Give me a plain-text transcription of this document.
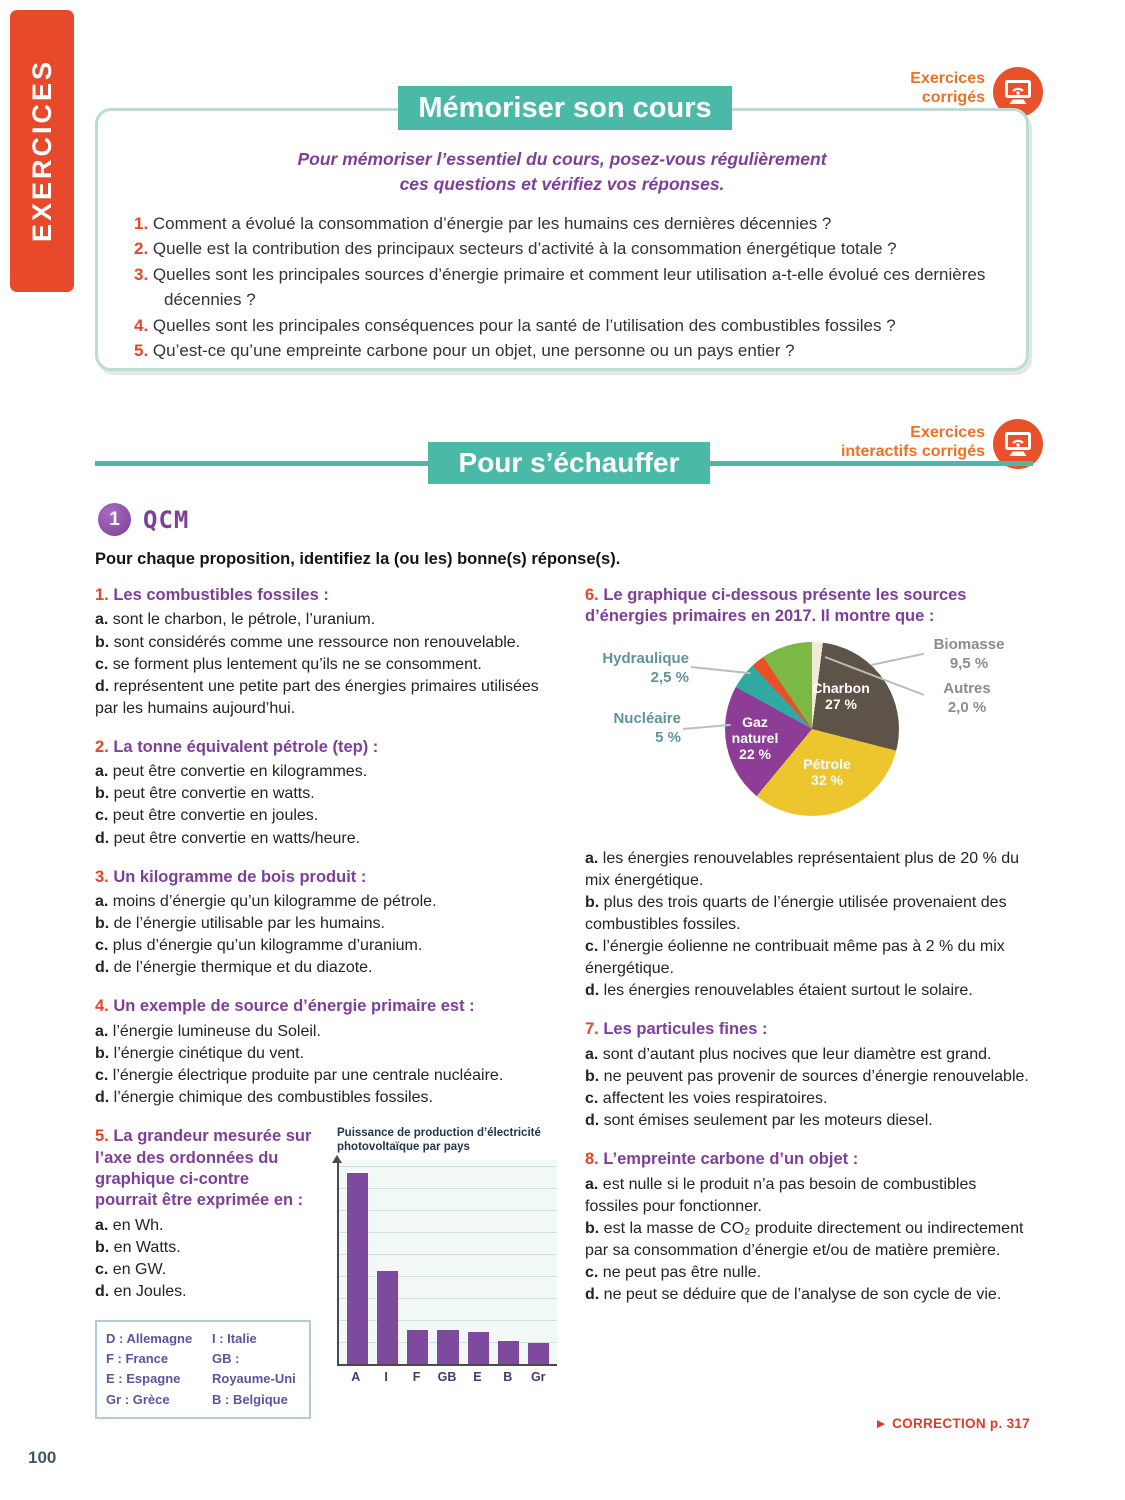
EXERCICES	Exercices
corrigés
Mémoriser son cours
Pour mémoriser l’essentiel du cours, posez-vous régulièrement
ces questions et vérifiez vos réponses.
1. Comment a évolué la consommation d’énergie par les humains ces dernières décennies ?
2. Quelle est la contribution des principaux secteurs d’activité à la consommation énergétique totale ?
3. Quelles sont les principales sources d’énergie primaire et comment leur utilisation a-t-elle évolué ces dernières décennies ?
4. Quelles sont les principales conséquences pour la santé de l’utilisation des combustibles fossiles ?
5. Qu’est-ce qu’une empreinte carbone pour un objet, une personne ou un pays entier ?
Exercices
interactifs corrigés
Pour s’échauffer
1 QCM
Pour chaque proposition, identifiez la (ou les) bonne(s) réponse(s).
1. Les combustibles fossiles :
a. sont le charbon, le pétrole, l’uranium.
b. sont considérés comme une ressource non renouvelable.
c. se forment plus lentement qu’ils ne se consomment.
d. représentent une petite part des énergies primaires utilisées par les humains aujourd’hui.
2. La tonne équivalent pétrole (tep) :
a. peut être convertie en kilogrammes.
b. peut être convertie en watts.
c. peut être convertie en joules.
d. peut être convertie en watts/heure.
3. Un kilogramme de bois produit :
a. moins d’énergie qu’un kilogramme de pétrole.
b. de l’énergie utilisable par les humains.
c. plus d’énergie qu’un kilogramme d’uranium.
d. de l’énergie thermique et du diazote.
4. Un exemple de source d’énergie primaire est :
a. l’énergie lumineuse du Soleil.
b. l’énergie cinétique du vent.
c. l’énergie électrique produite par une centrale nucléaire.
d. l’énergie chimique des combustibles fossiles.
5. La grandeur mesurée sur l’axe des ordonnées du graphique ci-contre pourrait être exprimée en :
a. en Wh.
b. en Watts.
c. en GW.
d. en Joules.
D : Allemagne
F : France
E : Espagne
Gr : Grèce
I : Italie
GB : Royaume-Uni
B : Belgique
Puissance de production d’électricité
photovoltaïque par pays
A	I	F	GB	E	B	Gr
6. Le graphique ci-dessous présente les sources d’énergies primaires en 2017. Il montre que :
Charbon
27 %
Gaz naturel
22 %
Pétrole
32 %
Hydraulique
2,5 %
Nucléaire
5 %
Biomasse
9,5 %
Autres
2,0 %
a. les énergies renouvelables représentaient plus de 20 % du mix énergétique.
b. plus des trois quarts de l’énergie utilisée provenaient des combustibles fossiles.
c. l’énergie éolienne ne contribuait même pas à 2 % du mix énergétique.
d. les énergies renouvelables étaient surtout le solaire.
7. Les particules fines :
a. sont d’autant plus nocives que leur diamètre est grand.
b. ne peuvent pas provenir de sources d’énergie renouvelable.
c. affectent les voies respiratoires.
d. sont émises seulement par les moteurs diesel.
8. L’empreinte carbone d’un objet :
a. est nulle si le produit n’a pas besoin de combustibles fossiles pour fonctionner.
b. est la masse de CO₂ produite directement ou indirectement par sa consommation d’énergie et/ou de matière première.
c. ne peut pas être nulle.
d. ne peut se déduire que de l’analyse de son cycle de vie.
► CORRECTION p. 317
100
